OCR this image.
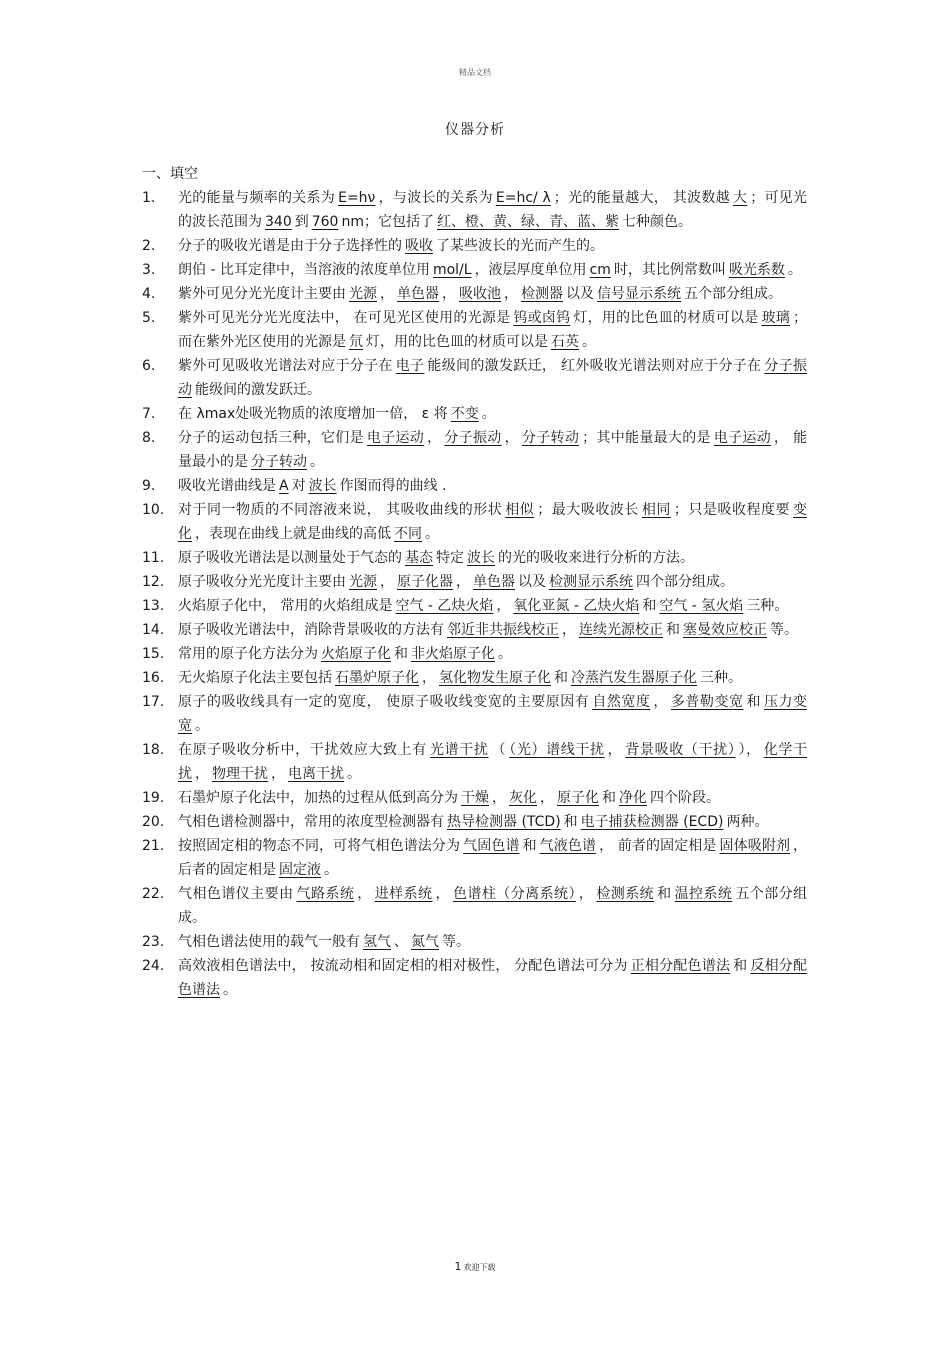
精品文档
仪器分析
一、填空
1.	光的能量与频率的关系为 E=hν ，与波长的关系为 E=hc/ λ ；光的能量越大， 其波数越 大 ；可见光的波长范围为 340 到 760 nm；它包括了 红、橙、黄、绿、青、蓝、紫 七种颜色。
2.	分子的吸收光谱是由于分子选择性的 吸收 了某些波长的光而产生的。
3.	朗伯 - 比耳定律中，当溶液的浓度单位用 mol/L ，液层厚度单位用 cm 时，其比例常数叫 吸光系数 。
4.	紫外可见分光光度计主要由 光源 ， 单色器 ， 吸收池 ， 检测器 以及 信号显示系统 五个部分组成。
5.	紫外可见光分光光度法中， 在可见光区使用的光源是 钨或卤钨 灯，用的比色皿的材质可以是 玻璃 ；而在紫外光区使用的光源是 氘 灯，用的比色皿的材质可以是 石英 。
6.	紫外可见吸收光谱法对应于分子在 电子 能级间的激发跃迁， 红外吸收光谱法则对应于分子在 分子振动 能级间的激发跃迁。
7.	在 λmax处吸光物质的浓度增加一倍， ε 将 不变 。
8.	分子的运动包括三种，它们是 电子运动 ， 分子振动 ， 分子转动 ；其中能量最大的是 电子运动 ， 能量最小的是 分子转动 。
9.	吸收光谱曲线是 A 对 波长 作图而得的曲线 .
10. 对于同一物质的不同溶液来说， 其吸收曲线的形状 相似 ；最大吸收波长 相同 ；只是吸收程度要 变化 ，表现在曲线上就是曲线的高低 不同 。
11. 原子吸收光谱法是以测量处于气态的 基态 特定 波长 的光的吸收来进行分析的方法。
12. 原子吸收分光光度计主要由 光源 ， 原子化器 ， 单色器 以及 检测显示系统 四个部分组成。
13. 火焰原子化中， 常用的火焰组成是 空气 - 乙炔火焰 ， 氧化亚氮 - 乙炔火焰 和 空气 - 氢火焰 三种。
14. 原子吸收光谱法中，消除背景吸收的方法有 邻近非共振线校正 ， 连续光源校正 和 塞曼效应校正 等。
15. 常用的原子化方法分为 火焰原子化 和 非火焰原子化 。
16. 无火焰原子化法主要包括 石墨炉原子化 ， 氢化物发生原子化 和 冷蒸汽发生器原子化 三种。
17. 原子的吸收线具有一定的宽度， 使原子吸收线变宽的主要原因有 自然宽度 ， 多普勒变宽 和 压力变宽 。
18. 在原子吸收分析中，干扰效应大致上有 光谱干扰 （ （光）谱线干扰 ， 背景吸收（干扰） ）， 化学干扰 ， 物理干扰 ， 电离干扰 。
19. 石墨炉原子化法中，加热的过程从低到高分为 干燥 ， 灰化 ， 原子化 和 净化 四个阶段。
20. 气相色谱检测器中，常用的浓度型检测器有 热导检测器 (TCD) 和 电子捕获检测器 (ECD) 两种。
21. 按照固定相的物态不同，可将气相色谱法分为 气固色谱 和 气液色谱 ， 前者的固定相是 固体吸附剂 ， 后者的固定相是 固定液 。
22. 气相色谱仪主要由 气路系统 ， 进样系统 ， 色谱柱（分离系统） ， 检测系统 和 温控系统 五个部分组成。
23. 气相色谱法使用的载气一般有 氢气 、 氮气 等。
24. 高效液相色谱法中， 按流动相和固定相的相对极性， 分配色谱法可分为 正相分配色谱法 和 反相分配色谱法 。
1 欢迎下载
